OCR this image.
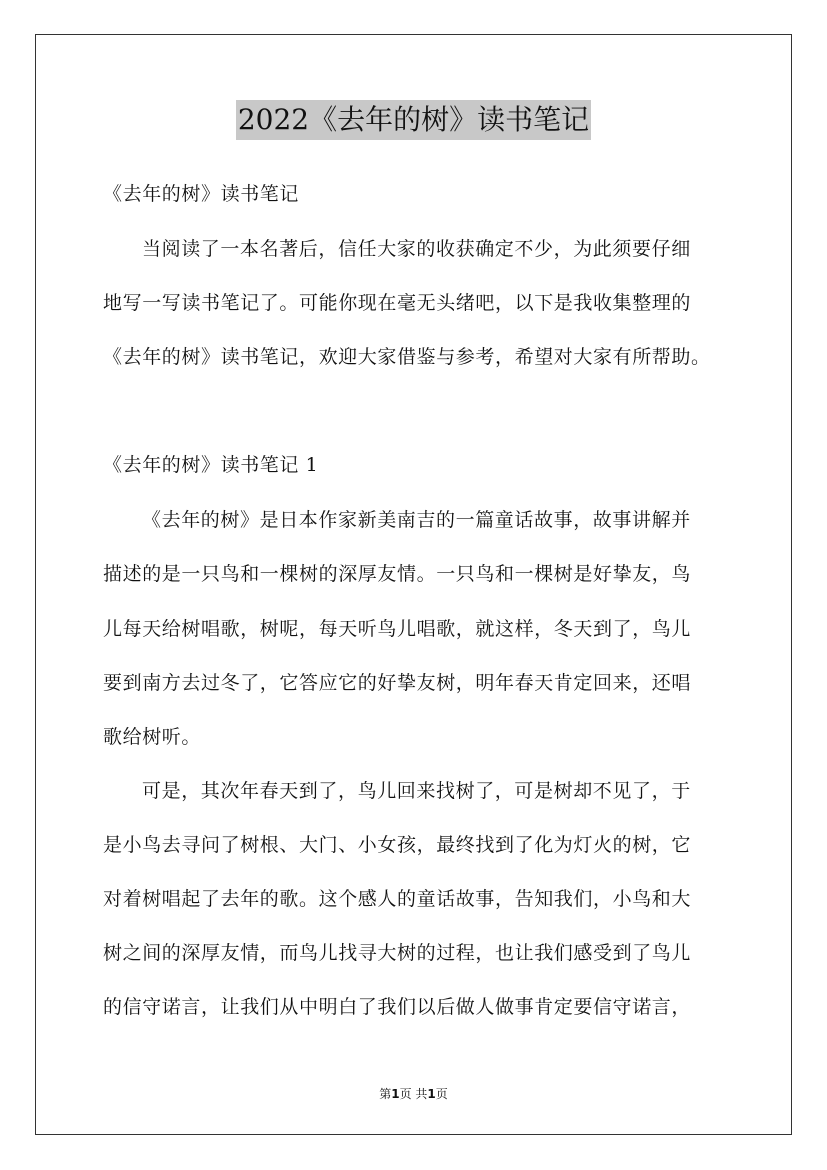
2022《去年的树》读书笔记
《去年的树》读书笔记
当阅读了一本名著后，信任大家的收获确定不少，为此须要仔细
地写一写读书笔记了。可能你现在毫无头绪吧，以下是我收集整理的
《去年的树》读书笔记，欢迎大家借鉴与参考，希望对大家有所帮助。
《去年的树》读书笔记 1
《去年的树》是日本作家新美南吉的一篇童话故事，故事讲解并
描述的是一只鸟和一棵树的深厚友情。一只鸟和一棵树是好挚友，鸟
儿每天给树唱歌，树呢，每天听鸟儿唱歌，就这样，冬天到了，鸟儿
要到南方去过冬了，它答应它的好挚友树，明年春天肯定回来，还唱
歌给树听。
可是，其次年春天到了，鸟儿回来找树了，可是树却不见了，于
是小鸟去寻问了树根、大门、小女孩，最终找到了化为灯火的树，它
对着树唱起了去年的歌。这个感人的童话故事，告知我们，小鸟和大
树之间的深厚友情，而鸟儿找寻大树的过程，也让我们感受到了鸟儿
的信守诺言，让我们从中明白了我们以后做人做事肯定要信守诺言，
第1页 共1页
